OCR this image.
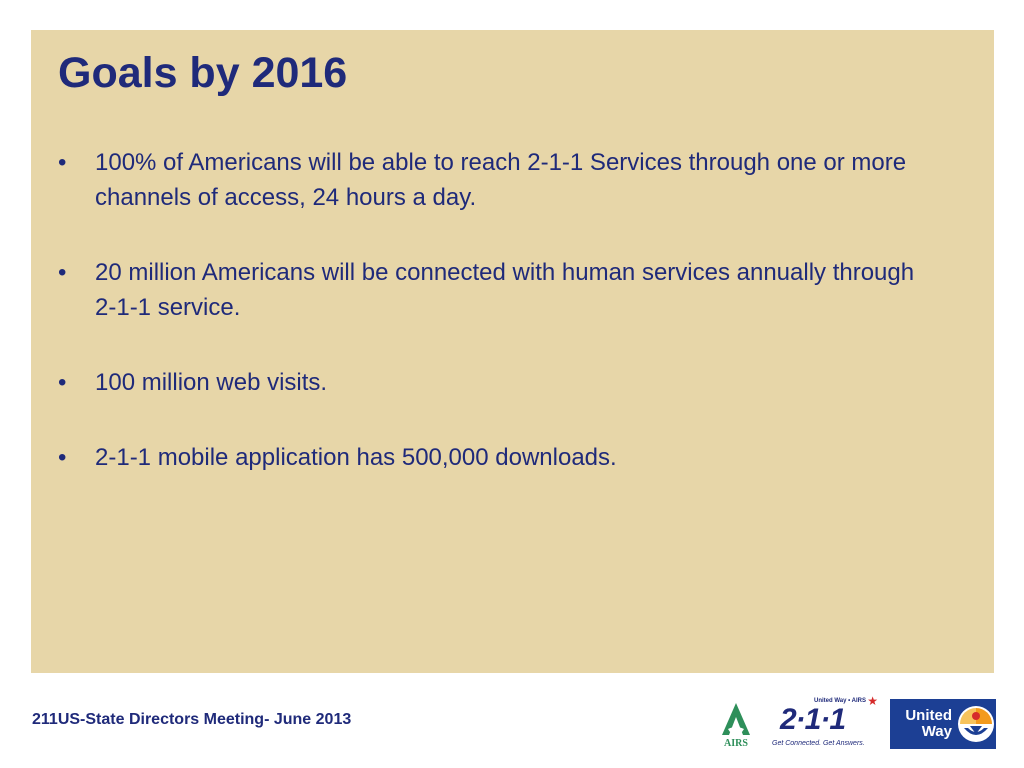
Goals by 2016
• 100% of Americans will be able to reach 2-1-1 Services through one or more channels of access, 24 hours a day.
• 20 million Americans will be connected with human services annually through 2-1-1 service.
• 100 million web visits.
• 2-1-1 mobile application has 500,000 downloads.
211US-State Directors Meeting- June 2013
AIRS
United Way • AIRS ★
2·1·1
Get Connected. Get Answers.
United
Way
